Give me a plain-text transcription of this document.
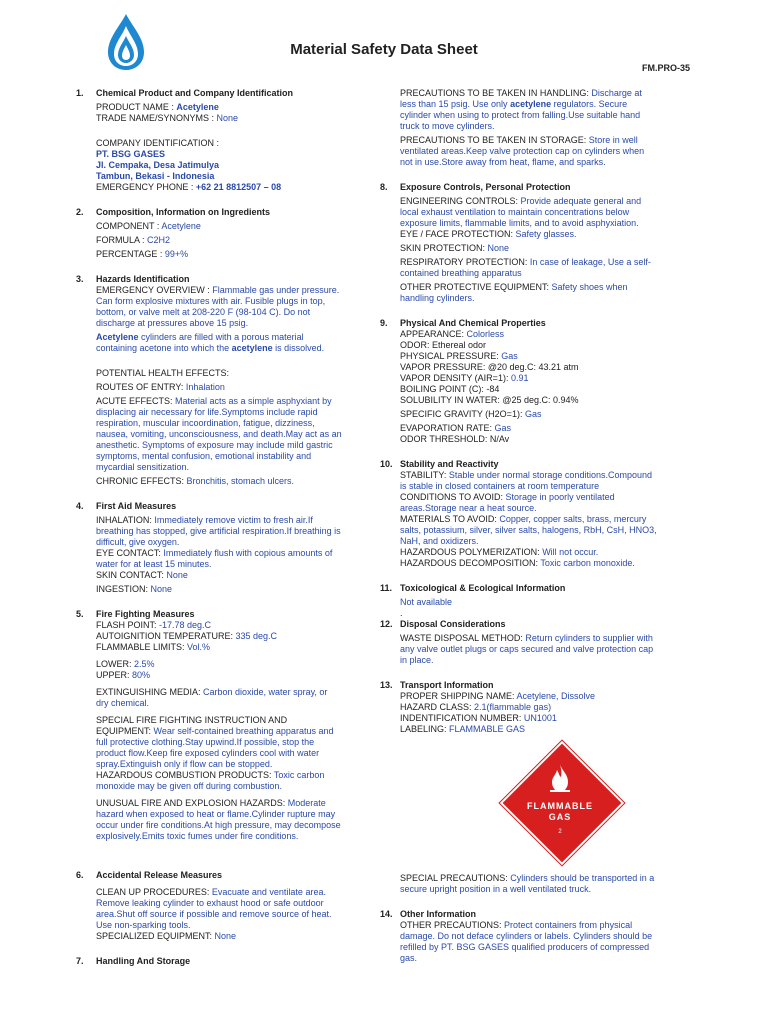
Material Safety Data Sheet
FM.PRO-35
1. Chemical Product and Company Identification
PRODUCT NAME : Acetylene
TRADE NAME/SYNONYMS : None
COMPANY IDENTIFICATION :
PT. BSG GASES
Jl. Cempaka, Desa Jatimulya
Tambun, Bekasi - Indonesia
EMERGENCY PHONE : +62 21 8812507 – 08
2. Composition, Information on Ingredients
COMPONENT : Acetylene
FORMULA : C2H2
PERCENTAGE : 99+%
3. Hazards Identification
EMERGENCY OVERVIEW : Flammable gas under pressure.
Can form explosive mixtures with air. Fusible plugs in top,
bottom, or valve melt at 208-220 F (98-104 C). Do not
discharge at pressures above 15 psig.
Acetylene cylinders are filled with a porous material
containing acetone into which the acetylene is dissolved.
POTENTIAL HEALTH EFFECTS:
ROUTES OF ENTRY: Inhalation
ACUTE EFFECTS: Material acts as a simple asphyxiant by
displacing air necessary for life.Symptoms include rapid
respiration, muscular incoordination, fatigue, dizziness,
nausea, vomiting, unconsciousness, and death.May act as an
anesthetic. Symptoms of exposure may include mild gastric
symptoms, mental confusion, emotional instability and
mycardial sensitization.
CHRONIC EFFECTS: Bronchitis, stomach ulcers.
4. First Aid Measures
INHALATION: Immediately remove victim to fresh air.If
breathing has stopped, give artificial respiration.If breathing is
difficult, give oxygen.
EYE CONTACT: Immediately flush with copious amounts of
water for at least 15 minutes.
SKIN CONTACT: None
INGESTION: None
5. Fire Fighting Measures
FLASH POINT: -17.78 deg.C
AUTOIGNITION TEMPERATURE: 335 deg.C
FLAMMABLE LIMITS: Vol.%
LOWER: 2.5%
UPPER: 80%
EXTINGUISHING MEDIA: Carbon dioxide, water spray, or
dry chemical.
SPECIAL FIRE FIGHTING INSTRUCTION AND
EQUIPMENT: Wear self-contained breathing apparatus and
full protective clothing.Stay upwind.If possible, stop the
product flow.Keep fire exposed cylinders cool with water
spray.Extinguish only if flow can be stopped.
HAZARDOUS COMBUSTION PRODUCTS: Toxic carbon
monoxide may be given off during combustion.
UNUSUAL FIRE AND EXPLOSION HAZARDS: Moderate
hazard when exposed to heat or flame.Cylinder rupture may
occur under fire conditions.At high pressure, may decompose
explosively.Emits toxic fumes under fire conditions.
6. Accidental Release Measures
CLEAN UP PROCEDURES: Evacuate and ventilate area.
Remove leaking cylinder to exhaust hood or safe outdoor
area.Shut off source if possible and remove source of heat.
Use non-sparking tools.
SPECIALIZED EQUIPMENT: None
7. Handling And Storage
PRECAUTIONS TO BE TAKEN IN HANDLING: Discharge at
less than 15 psig. Use only acetylene regulators. Secure
cylinder when using to protect from falling.Use suitable hand
truck to move cylinders.
PRECAUTIONS TO BE TAKEN IN STORAGE: Store in well
ventilated areas.Keep valve protection cap on cylinders when
not in use.Store away from heat, flame, and sparks.
8. Exposure Controls, Personal Protection
ENGINEERING CONTROLS: Provide adequate general and
local exhaust ventilation to maintain concentrations below
exposure limits, flammable limits, and to avoid asphyxiation.
EYE / FACE PROTECTION: Safety glasses.
SKIN PROTECTION: None
RESPIRATORY PROTECTION: In case of leakage, Use a self-
contained breathing apparatus
OTHER PROTECTIVE EQUIPMENT: Safety shoes when
handling cylinders.
9. Physical And Chemical Properties
APPEARANCE: Colorless
ODOR: Ethereal odor
PHYSICAL PRESSURE: Gas
VAPOR PRESSURE: @20 deg.C: 43.21 atm
VAPOR DENSITY (AIR=1): 0.91
BOILING POINT (C): -84
SOLUBILITY IN WATER: @25 deg.C: 0.94%
SPECIFIC GRAVITY (H2O=1): Gas
EVAPORATION RATE: Gas
ODOR THRESHOLD: N/Av
10. Stability and Reactivity
STABILITY: Stable under normal storage conditions.Compound
is stable in closed containers at room temperature
CONDITIONS TO AVOID: Storage in poorly ventilated
areas.Storage near a heat source.
MATERIALS TO AVOID: Copper, copper salts, brass, mercury
salts, potassium, silver, silver salts, halogens, RbH, CsH, HNO3,
NaH, and oxidizers.
HAZARDOUS POLYMERIZATION: Will not occur.
HAZARDOUS DECOMPOSITION: Toxic carbon monoxide.
11. Toxicological & Ecological Information
Not available
.
12. Disposal Considerations
WASTE DISPOSAL METHOD: Return cylinders to supplier with
any valve outlet plugs or caps secured and valve protection cap
in place.
13. Transport Information
PROPER SHIPPING NAME: Acetylene, Dissolve
HAZARD CLASS: 2.1(flammable gas)
INDENTIFICATION NUMBER: UN1001
LABELING: FLAMMABLE GAS
FLAMMABLE
GAS
2
SPECIAL PRECAUTIONS: Cylinders should be transported in a
secure upright position in a well ventilated truck.
14. Other Information
OTHER PRECAUTIONS: Protect containers from physical
damage. Do not deface cylinders or labels. Cylinders should be
refilled by PT. BSG GASES qualified producers of compressed
gas.
